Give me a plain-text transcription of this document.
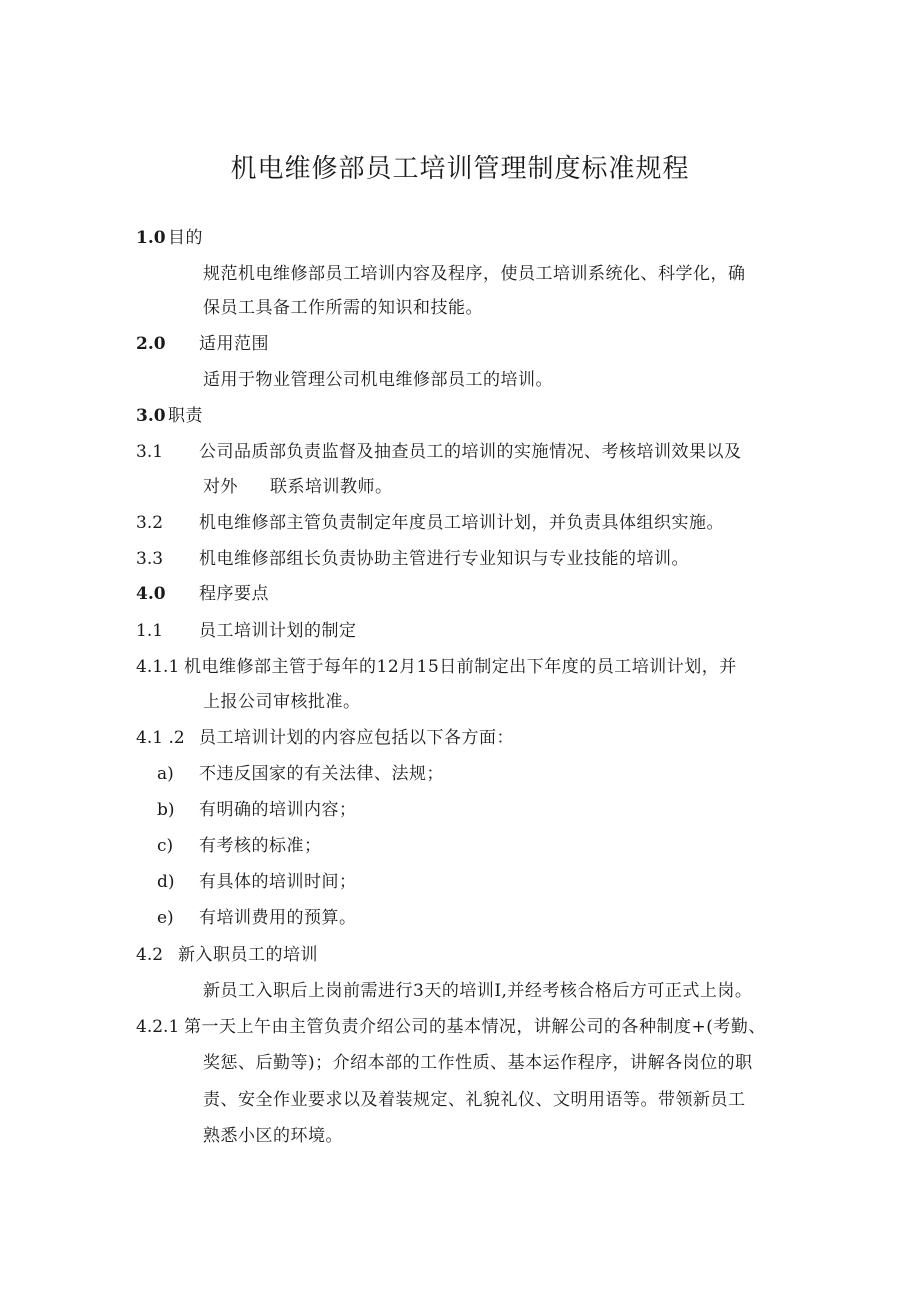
机电维修部员工培训管理制度标准规程
1.0 目的
规范机电维修部员工培训内容及程序，使员工培训系统化、科学化，确
保员工具备工作所需的知识和技能。
2.0 适用范围
适用于物业管理公司机电维修部员工的培训。
3.0 职责
3.1 公司品质部负责监督及抽查员工的培训的实施情况、考核培训效果以及
对外 联系培训教师。
3.2 机电维修部主管负责制定年度员工培训计划，并负责具体组织实施。
3.3 机电维修部组长负责协助主管进行专业知识与专业技能的培训。
4.0 程序要点
1.1 员工培训计划的制定
4.1.1 机电维修部主管于每年的12月15日前制定出下年度的员工培训计划，并
上报公司审核批准。
4.1 .2 员工培训计划的内容应包括以下各方面：
a) 不违反国家的有关法律、法规；
b) 有明确的培训内容；
c) 有考核的标准；
d) 有具体的培训时间；
e) 有培训费用的预算。
4.2 新入职员工的培训
新员工入职后上岗前需进行3天的培训I,并经考核合格后方可正式上岗。
4.2.1 第一天上午由主管负责介绍公司的基本情况，讲解公司的各种制度+(考勤、
奖惩、后勤等)；介绍本部的工作性质、基本运作程序，讲解各岗位的职
责、安全作业要求以及着装规定、礼貌礼仪、文明用语等。带领新员工
熟悉小区的环境。
